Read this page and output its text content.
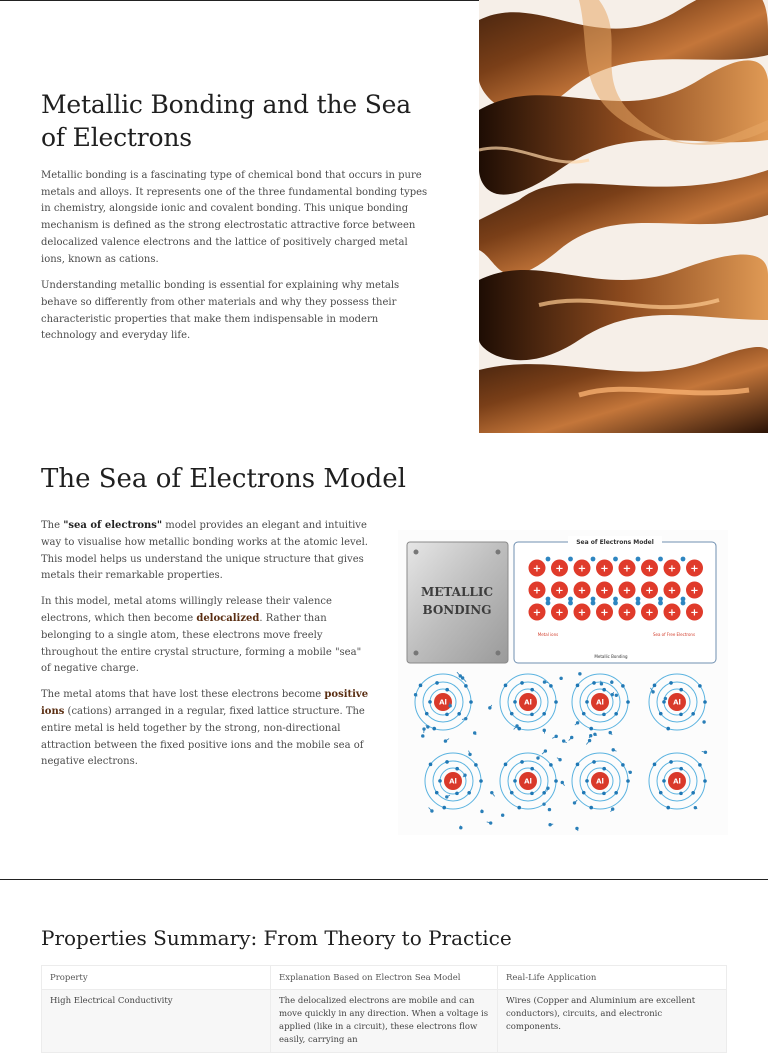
Metallic Bonding and the Sea of Electrons

Metallic bonding is a fascinating type of chemical bond that occurs in pure metals and alloys. It represents one of the three fundamental bonding types in chemistry, alongside ionic and covalent bonding. This unique bonding mechanism is defined as the strong electrostatic attractive force between delocalized valence electrons and the lattice of positively charged metal ions, known as cations.

Understanding metallic bonding is essential for explaining why metals behave so differently from other materials and why they possess their characteristic properties that make them indispensable in modern technology and everyday life.

The Sea of Electrons Model

The "sea of electrons" model provides an elegant and intuitive way to visualise how metallic bonding works at the atomic level. This model helps us understand the unique structure that gives metals their remarkable properties.

In this model, metal atoms willingly release their valence electrons, which then become delocalized. Rather than belonging to a single atom, these electrons move freely throughout the entire crystal structure, forming a mobile "sea" of negative charge.

The metal atoms that have lost these electrons become positive ions (cations) arranged in a regular, fixed lattice structure. The entire metal is held together by the strong, non-directional attraction between the fixed positive ions and the mobile sea of negative electrons.

METALLIC
BONDING
Sea of Electrons Model
+ + + + + + + +
+ + + + + + + +
+ + + + + + + +
Metal ions	Sea of Free Electrons
Metallic Bonding
Al	Al	Al	Al
Al	Al	Al	Al
Properties Summary: From Theory to Practice
Property	Explanation Based on Electron Sea Model	Real-Life Application
High Electrical Conductivity	The delocalized electrons are mobile and can move quickly in any direction. When a voltage is applied (like in a circuit), these electrons flow easily, carrying an	Wires (Copper and Aluminium are excellent conductors), circuits, and electronic components.
